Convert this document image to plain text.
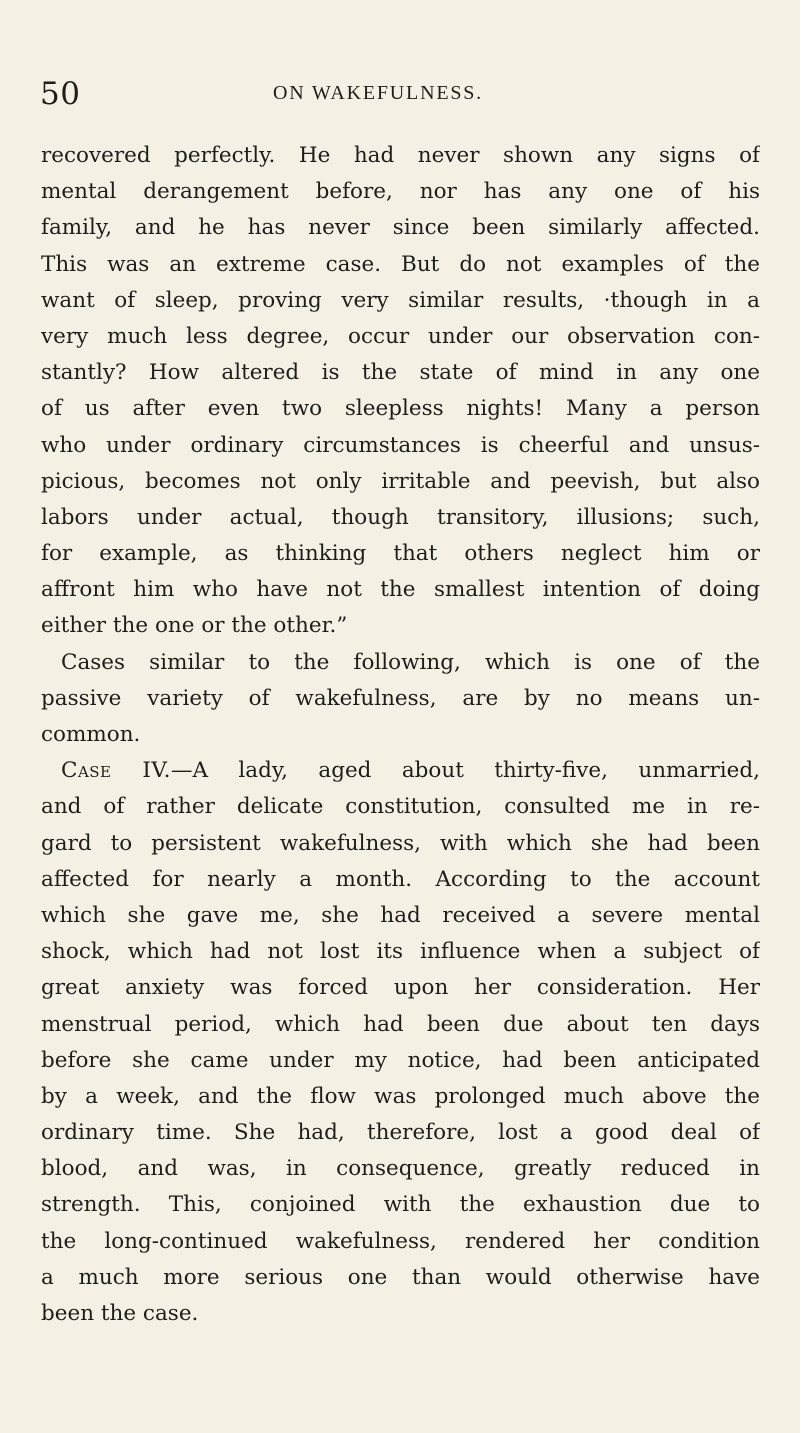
50	ON WAKEFULNESS.
recovered perfectly. He had never shown any signs of
mental derangement before, nor has any one of his
family, and he has never since been similarly affected.
This was an extreme case. But do not examples of the
want of sleep, proving very similar results, ·though in a
very much less degree, occur under our observation con-
stantly? How altered is the state of mind in any one
of us after even two sleepless nights! Many a person
who under ordinary circumstances is cheerful and unsus-
picious, becomes not only irritable and peevish, but also
labors under actual, though transitory, illusions; such,
for example, as thinking that others neglect him or
affront him who have not the smallest intention of doing
either the one or the other.”
Cases similar to the following, which is one of the
passive variety of wakefulness, are by no means un-
common.
Case IV.—A lady, aged about thirty-five, unmarried,
and of rather delicate constitution, consulted me in re-
gard to persistent wakefulness, with which she had been
affected for nearly a month. According to the account
which she gave me, she had received a severe mental
shock, which had not lost its influence when a subject of
great anxiety was forced upon her consideration. Her
menstrual period, which had been due about ten days
before she came under my notice, had been anticipated
by a week, and the flow was prolonged much above the
ordinary time. She had, therefore, lost a good deal of
blood, and was, in consequence, greatly reduced in
strength. This, conjoined with the exhaustion due to
the long-continued wakefulness, rendered her condition
a much more serious one than would otherwise have
been the case.
